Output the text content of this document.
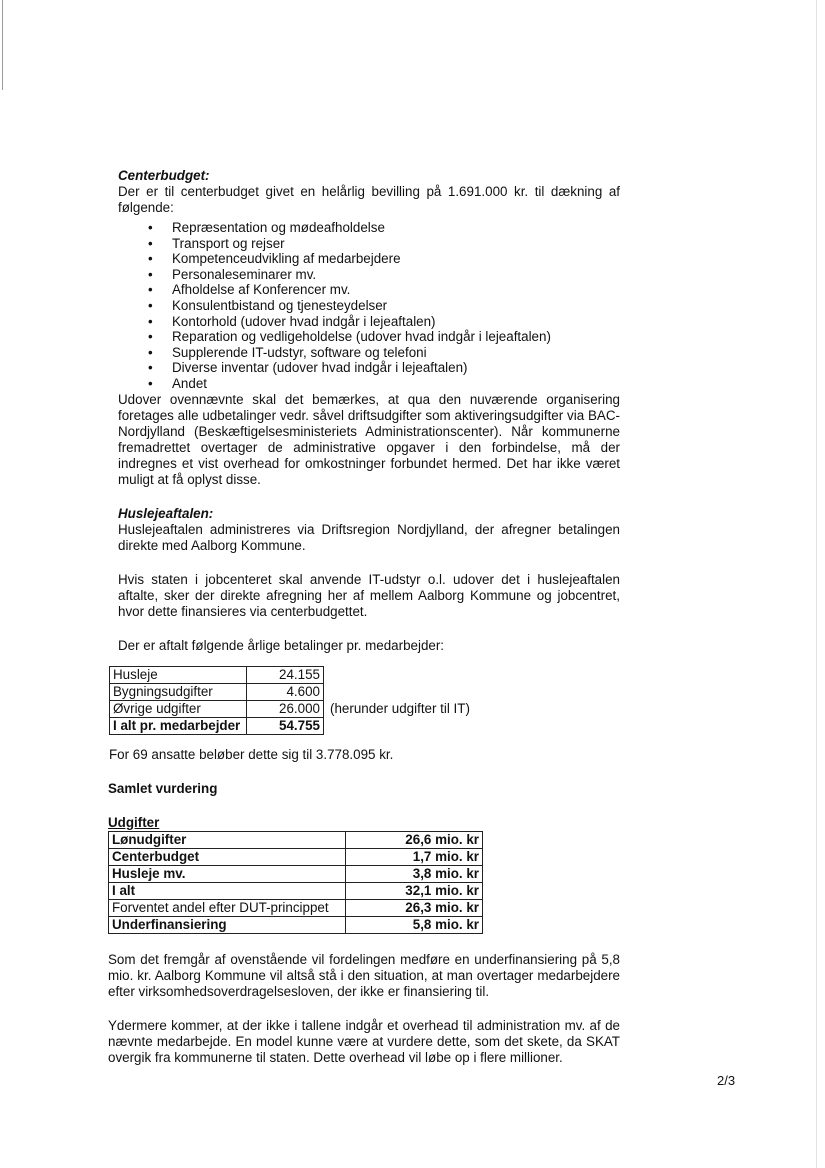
Centerbudget:

Der er til centerbudget givet en helårlig bevilling på 1.691.000 kr. til dækning af følgende:

• Repræsentation og mødeafholdelse
• Transport og rejser
• Kompetenceudvikling af medarbejdere
• Personaleseminarer mv.
• Afholdelse af Konferencer mv.
• Konsulentbistand og tjenesteydelser
• Kontorhold (udover hvad indgår i lejeaftalen)
• Reparation og vedligeholdelse (udover hvad indgår i lejeaftalen)
• Supplerende IT-udstyr, software og telefoni
• Diverse inventar (udover hvad indgår i lejeaftalen)
• Andet

Udover ovennævnte skal det bemærkes, at qua den nuværende organisering foretages alle udbetalinger vedr. såvel driftsudgifter som aktiveringsudgifter via BAC-Nordjylland (Beskæftigelsesministeriets Administrationscenter). Når kommunerne fremadrettet overtager de administrative opgaver i den forbindelse, må der indregnes et vist overhead for omkostninger forbundet hermed. Det har ikke været muligt at få oplyst disse.

Huslejeaftalen:

Huslejeaftalen administreres via Driftsregion Nordjylland, der afregner betalingen direkte med Aalborg Kommune.

Hvis staten i jobcenteret skal anvende IT-udstyr o.l. udover det i huslejeaftalen aftalte, sker der direkte afregning her af mellem Aalborg Kommune og jobcentret, hvor dette finansieres via centerbudgettet.

Der er aftalt følgende årlige betalinger pr. medarbejder:

Husleje	24.155	
Bygningsudgifter	4.600	
Øvrige udgifter	26.000	(herunder udgifter til IT)
I alt pr. medarbejder	54.755	

For 69 ansatte beløber dette sig til 3.778.095 kr.

Samlet vurdering

Udgifter

Lønudgifter	26,6 mio. kr
Centerbudget	1,7 mio. kr
Husleje mv.	3,8 mio. kr
I alt	32,1 mio. kr
Forventet andel efter DUT-princippet	26,3 mio. kr
Underfinansiering	5,8 mio. kr

Som det fremgår af ovenstående vil fordelingen medføre en underfinansiering på 5,8 mio. kr. Aalborg Kommune vil altså stå i den situation, at man overtager medarbejdere efter virksomhedsoverdragelsesloven, der ikke er finansiering til.

Ydermere kommer, at der ikke i tallene indgår et overhead til administration mv. af de nævnte medarbejde. En model kunne være at vurdere dette, som det skete, da SKAT overgik fra kommunerne til staten. Dette overhead vil løbe op i flere millioner.

2/3
